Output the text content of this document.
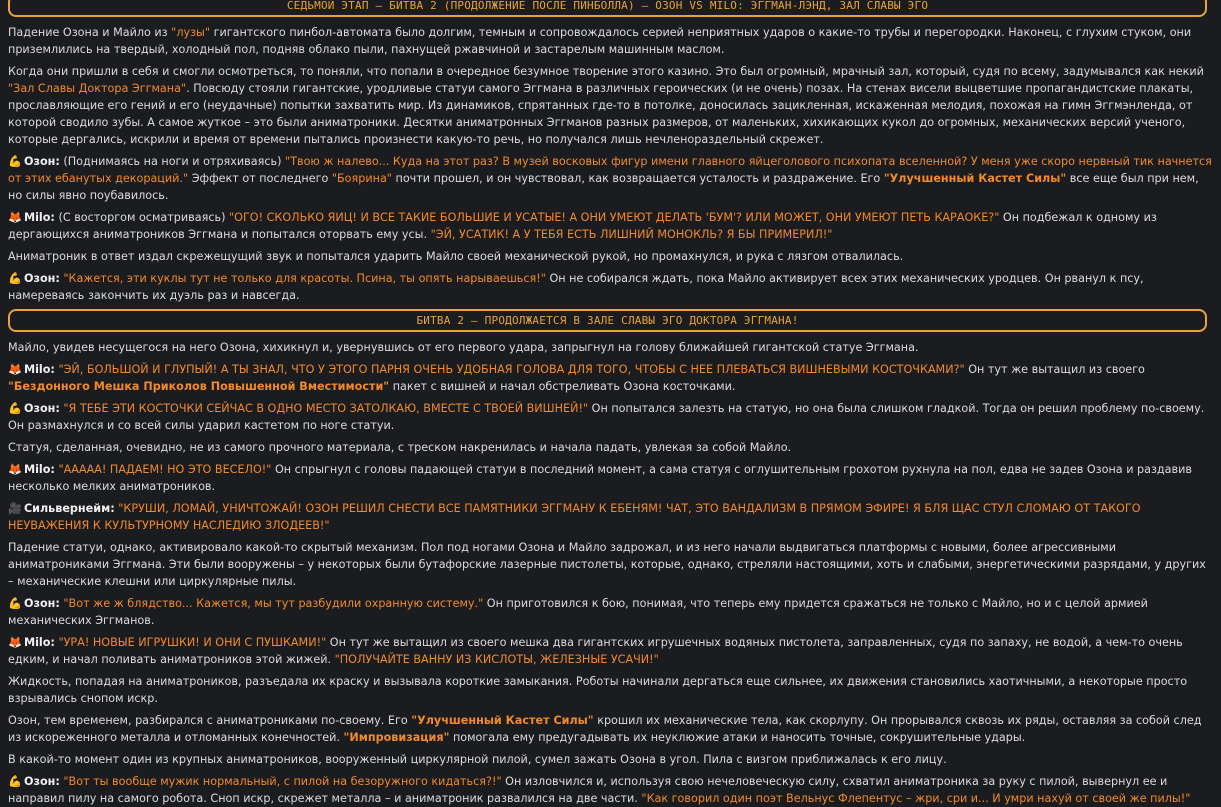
СЕДЬМОЙ ЭТАП – БИТВА 2 (ПРОДОЛЖЕНИЕ ПОСЛЕ ПИНБОЛЛА) – ОЗОН VS MILO: ЭГГМАН-ЛЭНД, ЗАЛ СЛАВЫ ЭГО

Падение Озона и Майло из "лузы" гигантского пинбол-автомата было долгим, темным и сопровождалось серией неприятных ударов о какие-то трубы и перегородки. Наконец, с глухим стуком, они приземлились на твердый, холодный пол, подняв облако пыли, пахнущей ржавчиной и застарелым машинным маслом.

Когда они пришли в себя и смогли осмотреться, то поняли, что попали в очередное безумное творение этого казино. Это был огромный, мрачный зал, который, судя по всему, задумывался как некий "Зал Славы Доктора Эггмана". Повсюду стояли гигантские, уродливые статуи самого Эггмана в различных героических (и не очень) позах. На стенах висели выцветшие пропагандистские плакаты, прославляющие его гений и его (неудачные) попытки захватить мир. Из динамиков, спрятанных где-то в потолке, доносилась зацикленная, искаженная мелодия, похожая на гимн Эггмэнленда, от которой сводило зубы. А самое жуткое – это были аниматроники. Десятки аниматронных Эггманов разных размеров, от маленьких, хихикающих кукол до огромных, механических версий ученого, которые дергались, искрили и время от времени пытались произнести какую-то речь, но получался лишь нечленораздельный скрежет.

💪 Озон: (Поднимаясь на ноги и отряхиваясь) "Твою ж налево... Куда на этот раз? В музей восковых фигур имени главного яйцеголового психопата вселенной? У меня уже скоро нервный тик начнется от этих ебанутых декораций." Эффект от последнего "Боярина" почти прошел, и он чувствовал, как возвращается усталость и раздражение. Его "Улучшенный Кастет Силы" все еще был при нем, но силы явно поубавилось.

🦊 Milo: (С восторгом осматриваясь) "ОГО! СКОЛЬКО ЯИЦ! И ВСЕ ТАКИЕ БОЛЬШИЕ И УСАТЫЕ! А ОНИ УМЕЮТ ДЕЛАТЬ 'БУМ'? ИЛИ МОЖЕТ, ОНИ УМЕЮТ ПЕТЬ КАРАОКЕ?" Он подбежал к одному из дергающихся аниматроников Эггмана и попытался оторвать ему усы. "ЭЙ, УСАТИК! А У ТЕБЯ ЕСТЬ ЛИШНИЙ МОНОКЛЬ? Я БЫ ПРИМЕРИЛ!"

Аниматроник в ответ издал скрежещущий звук и попытался ударить Майло своей механической рукой, но промахнулся, и рука с лязгом отвалилась.

💪 Озон: "Кажется, эти куклы тут не только для красоты. Псина, ты опять нарываешься!" Он не собирался ждать, пока Майло активирует всех этих механических уродцев. Он рванул к псу, намереваясь закончить их дуэль раз и навсегда.

БИТВА 2 – ПРОДОЛЖАЕТСЯ В ЗАЛЕ СЛАВЫ ЭГО ДОКТОРА ЭГГМАНА!

Майло, увидев несущегося на него Озона, хихикнул и, увернувшись от его первого удара, запрыгнул на голову ближайшей гигантской статуе Эггмана.

🦊 Milo: "ЭЙ, БОЛЬШОЙ И ГЛУПЫЙ! А ТЫ ЗНАЛ, ЧТО У ЭТОГО ПАРНЯ ОЧЕНЬ УДОБНАЯ ГОЛОВА ДЛЯ ТОГО, ЧТОБЫ С НЕЕ ПЛЕВАТЬСЯ ВИШНЕВЫМИ КОСТОЧКАМИ?" Он тут же вытащил из своего "Бездонного Мешка Приколов Повышенной Вместимости" пакет с вишней и начал обстреливать Озона косточками.

💪 Озон: "Я ТЕБЕ ЭТИ КОСТОЧКИ СЕЙЧАС В ОДНО МЕСТО ЗАТОЛКАЮ, ВМЕСТЕ С ТВОЕЙ ВИШНЕЙ!" Он попытался залезть на статую, но она была слишком гладкой. Тогда он решил проблему по-своему. Он размахнулся и со всей силы ударил кастетом по ноге статуи.

Статуя, сделанная, очевидно, не из самого прочного материала, с треском накренилась и начала падать, увлекая за собой Майло.

🦊 Milo: "ААААА! ПАДАЕМ! НО ЭТО ВЕСЕЛО!" Он спрыгнул с головы падающей статуи в последний момент, а сама статуя с оглушительным грохотом рухнула на пол, едва не задев Озона и раздавив несколько мелких аниматроников.

🎥 Сильвернейм: "КРУШИ, ЛОМАЙ, УНИЧТОЖАЙ! ОЗОН РЕШИЛ СНЕСТИ ВСЕ ПАМЯТНИКИ ЭГГМАНУ К ЕБЕНЯМ! ЧАТ, ЭТО ВАНДАЛИЗМ В ПРЯМОМ ЭФИРЕ! Я БЛЯ ЩАС СТУЛ СЛОМАЮ ОТ ТАКОГО НЕУВАЖЕНИЯ К КУЛЬТУРНОМУ НАСЛЕДИЮ ЗЛОДЕЕВ!"

Падение статуи, однако, активировало какой-то скрытый механизм. Пол под ногами Озона и Майло задрожал, и из него начали выдвигаться платформы с новыми, более агрессивными аниматрониками Эггмана. Эти были вооружены – у некоторых были бутафорские лазерные пистолеты, которые, однако, стреляли настоящими, хоть и слабыми, энергетическими разрядами, у других – механические клешни или циркулярные пилы.

💪 Озон: "Вот же ж блядство... Кажется, мы тут разбудили охранную систему." Он приготовился к бою, понимая, что теперь ему придется сражаться не только с Майло, но и с целой армией механических Эггманов.

🦊 Milo: "УРА! НОВЫЕ ИГРУШКИ! И ОНИ С ПУШКАМИ!" Он тут же вытащил из своего мешка два гигантских игрушечных водяных пистолета, заправленных, судя по запаху, не водой, а чем-то очень едким, и начал поливать аниматроников этой жижей. "ПОЛУЧАЙТЕ ВАННУ ИЗ КИСЛОТЫ, ЖЕЛЕЗНЫЕ УСАЧИ!"

Жидкость, попадая на аниматроников, разъедала их краску и вызывала короткие замыкания. Роботы начинали дергаться еще сильнее, их движения становились хаотичными, а некоторые просто взрывались снопом искр.

Озон, тем временем, разбирался с аниматрониками по-своему. Его "Улучшенный Кастет Силы" крошил их механические тела, как скорлупу. Он прорывался сквозь их ряды, оставляя за собой след из искореженного металла и отломанных конечностей. "Импровизация" помогала ему предугадывать их неуклюжие атаки и наносить точные, сокрушительные удары.

В какой-то момент один из крупных аниматроников, вооруженный циркулярной пилой, сумел зажать Озона в угол. Пила с визгом приближалась к его лицу.

💪 Озон: "Вот ты вообще мужик нормальный, с пилой на безоружного кидаться?!" Он изловчился и, используя свою нечеловеческую силу, схватил аниматроника за руку с пилой, вывернул ее и направил пилу на самого робота. Сноп искр, скрежет металла – и аниматроник развалился на две части. "Как говорил один поэт Вельнус Флепентус – жри, сри и... И умри нахуй от своей же пилы!"
